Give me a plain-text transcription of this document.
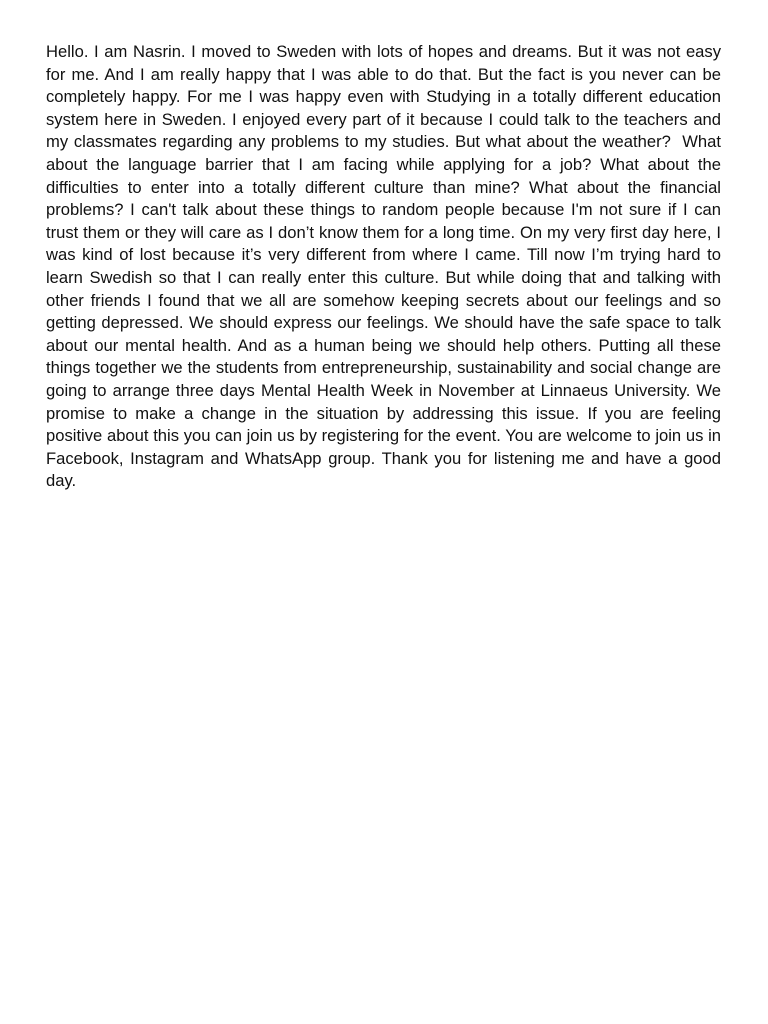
Hello. I am Nasrin. I moved to Sweden with lots of hopes and dreams. But it was not easy for me. And I am really happy that I was able to do that. But the fact is you never can be completely happy. For me I was happy even with Studying in a totally different education system here in Sweden. I enjoyed every part of it because I could talk to the teachers and my classmates regarding any problems to my studies. But what about the weather?  What about the language barrier that I am facing while applying for a job? What about the difficulties to enter into a totally different culture than mine? What about the financial problems? I can't talk about these things to random people because I'm not sure if I can trust them or they will care as I don’t know them for a long time. On my very first day here, I was kind of lost because it’s very different from where I came. Till now I’m trying hard to learn Swedish so that I can really enter this culture. But while doing that and talking with other friends I found that we all are somehow keeping secrets about our feelings and so getting depressed. We should express our feelings. We should have the safe space to talk about our mental health. And as a human being we should help others. Putting all these things together we the students from entrepreneurship, sustainability and social change are going to arrange three days Mental Health Week in November at Linnaeus University. We promise to make a change in the situation by addressing this issue. If you are feeling positive about this you can join us by registering for the event. You are welcome to join us in Facebook, Instagram and WhatsApp group. Thank you for listening me and have a good day.
